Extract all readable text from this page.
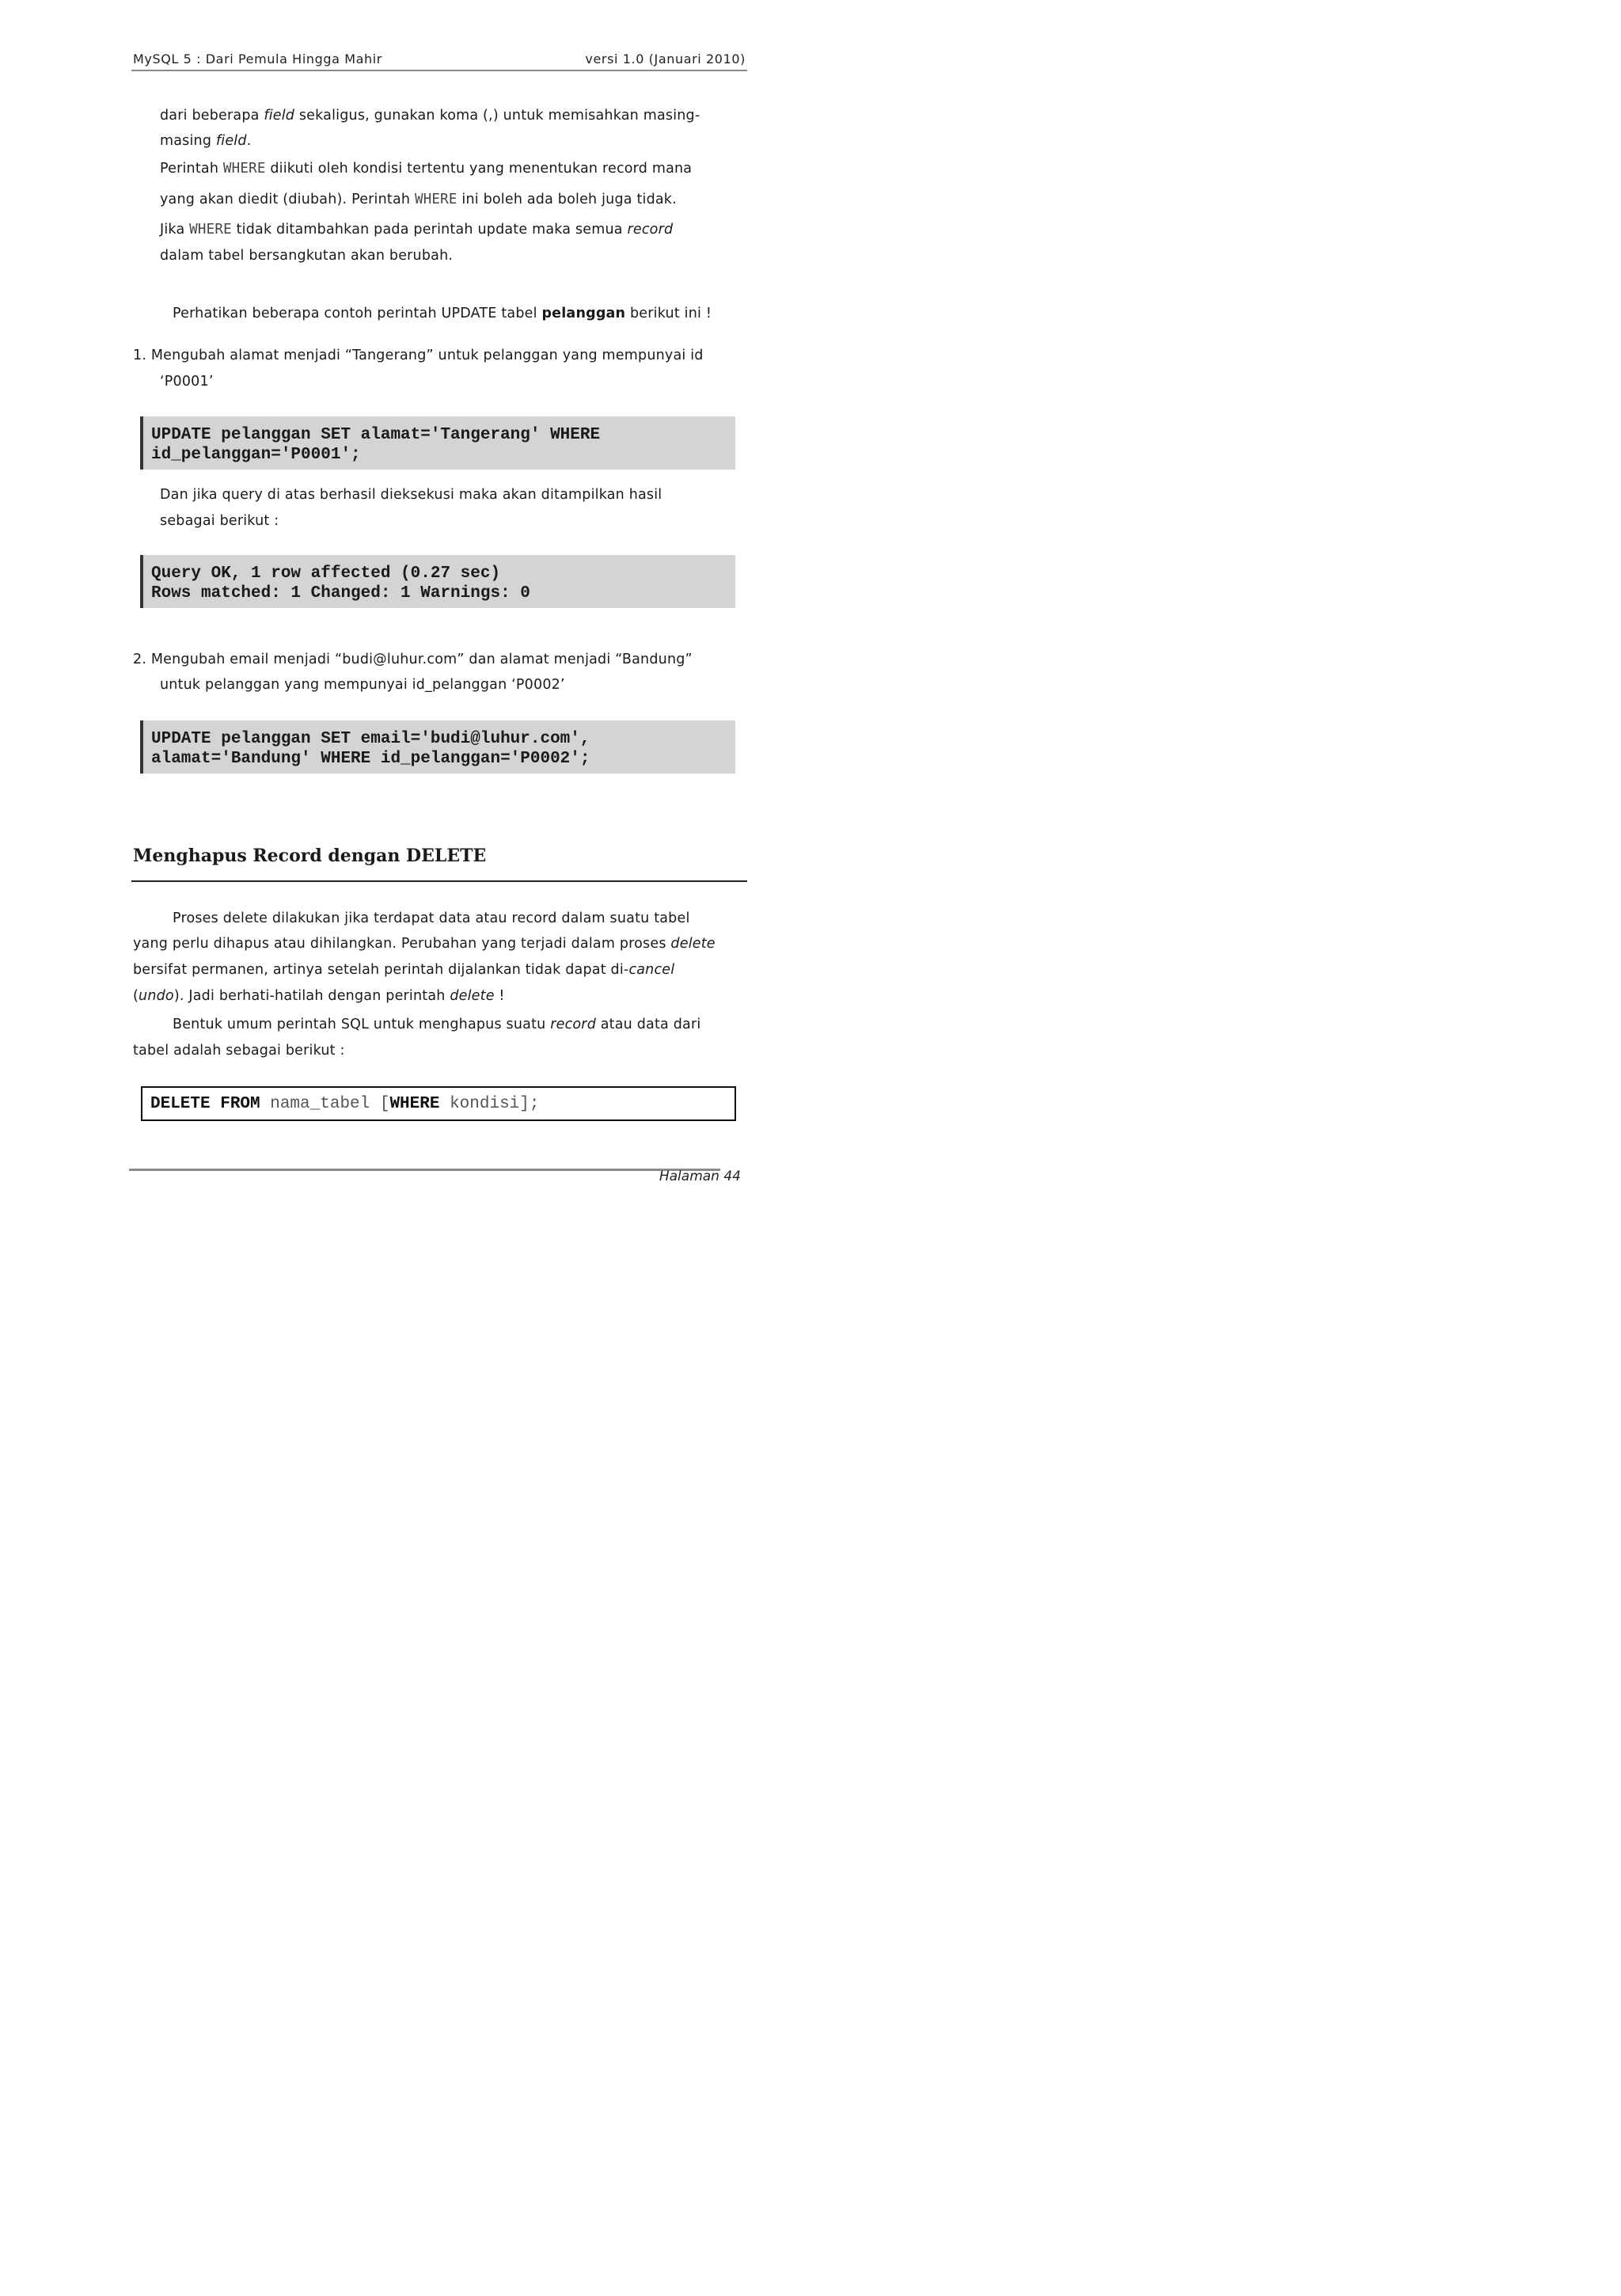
MySQL 5 : Dari Pemula Hingga Mahir	versi 1.0 (Januari 2010)
dari beberapa field sekaligus, gunakan koma (,) untuk memisahkan masing-
masing field.
Perintah WHERE diikuti oleh kondisi tertentu yang menentukan record mana
yang akan diedit (diubah). Perintah WHERE ini boleh ada boleh juga tidak.
Jika WHERE tidak ditambahkan pada perintah update maka semua record
dalam tabel bersangkutan akan berubah.
Perhatikan beberapa contoh perintah UPDATE tabel pelanggan berikut ini !
1. Mengubah alamat menjadi “Tangerang” untuk pelanggan yang mempunyai id
‘P0001’
UPDATE pelanggan SET alamat='Tangerang' WHERE
id_pelanggan='P0001';
Dan jika query di atas berhasil dieksekusi maka akan ditampilkan hasil
sebagai berikut :
Query OK, 1 row affected (0.27 sec)
Rows matched: 1 Changed: 1 Warnings: 0
2. Mengubah email menjadi “budi@luhur.com” dan alamat menjadi “Bandung”
untuk pelanggan yang mempunyai id_pelanggan ‘P0002’
UPDATE pelanggan SET email='budi@luhur.com',
alamat='Bandung' WHERE id_pelanggan='P0002';
Menghapus Record dengan DELETE
Proses delete dilakukan jika terdapat data atau record dalam suatu tabel
yang perlu dihapus atau dihilangkan. Perubahan yang terjadi dalam proses delete
bersifat permanen, artinya setelah perintah dijalankan tidak dapat di-cancel
(undo). Jadi berhati-hatilah dengan perintah delete !
Bentuk umum perintah SQL untuk menghapus suatu record atau data dari
tabel adalah sebagai berikut :
DELETE FROM nama_tabel [WHERE kondisi];
Halaman 44
